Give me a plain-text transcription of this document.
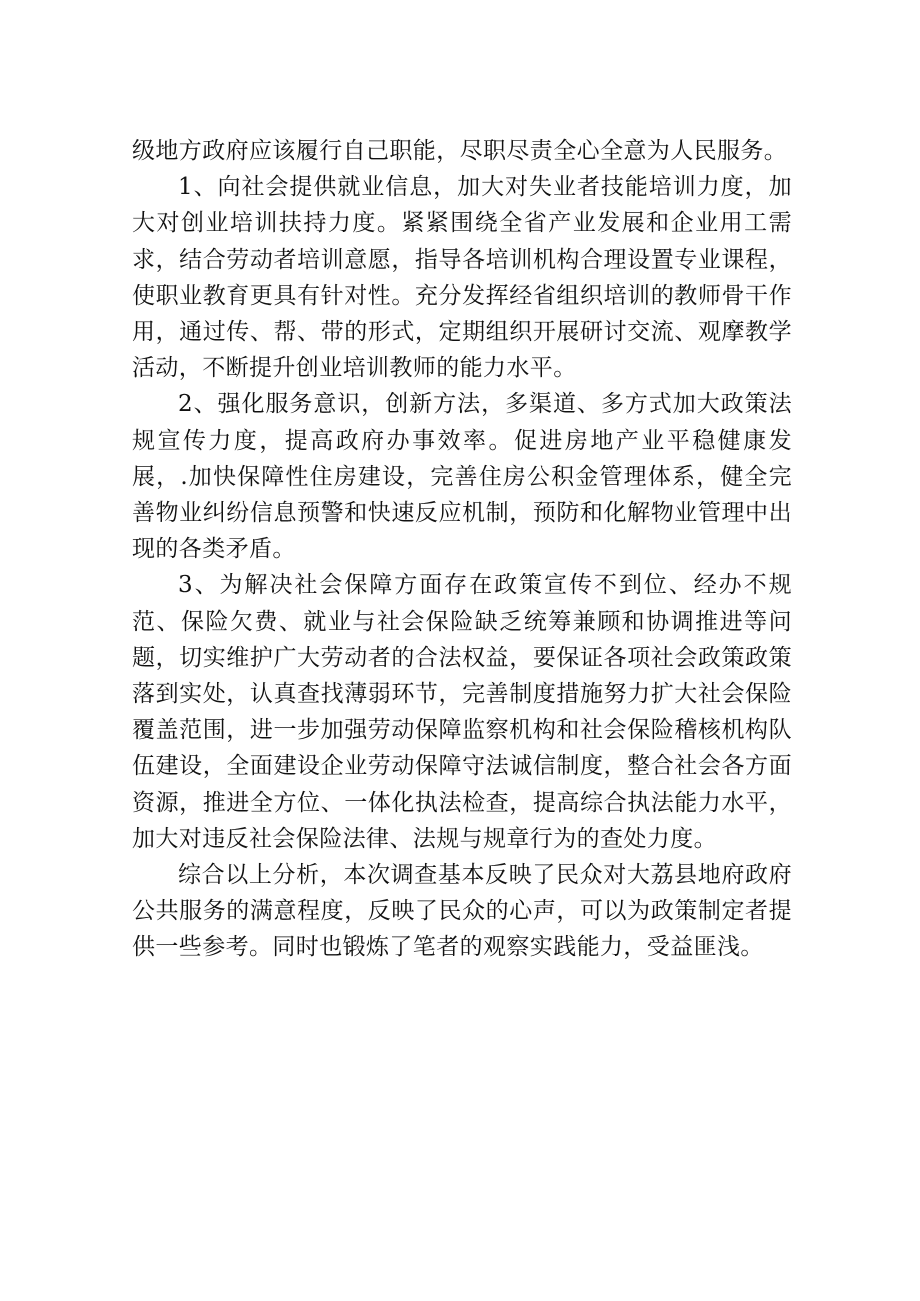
级地方政府应该履行自己职能，尽职尽责全心全意为人民服务。

1、向社会提供就业信息，加大对失业者技能培训力度，加大对创业培训扶持力度。紧紧围绕全省产业发展和企业用工需求，结合劳动者培训意愿，指导各培训机构合理设置专业课程，使职业教育更具有针对性。充分发挥经省组织培训的教师骨干作用，通过传、帮、带的形式，定期组织开展研讨交流、观摩教学活动，不断提升创业培训教师的能力水平。

2、强化服务意识，创新方法，多渠道、多方式加大政策法规宣传力度，提高政府办事效率。促进房地产业平稳健康发展，.加快保障性住房建设，完善住房公积金管理体系，健全完善物业纠纷信息预警和快速反应机制，预防和化解物业管理中出现的各类矛盾。

3、为解决社会保障方面存在政策宣传不到位、经办不规范、保险欠费、就业与社会保险缺乏统筹兼顾和协调推进等问题，切实维护广大劳动者的合法权益，要保证各项社会政策政策落到实处，认真查找薄弱环节，完善制度措施努力扩大社会保险覆盖范围，进一步加强劳动保障监察机构和社会保险稽核机构队伍建设，全面建设企业劳动保障守法诚信制度，整合社会各方面资源，推进全方位、一体化执法检查，提高综合执法能力水平，加大对违反社会保险法律、法规与规章行为的查处力度。

综合以上分析，本次调查基本反映了民众对大荔县地府政府公共服务的满意程度，反映了民众的心声，可以为政策制定者提供一些参考。同时也锻炼了笔者的观察实践能力，受益匪浅。
